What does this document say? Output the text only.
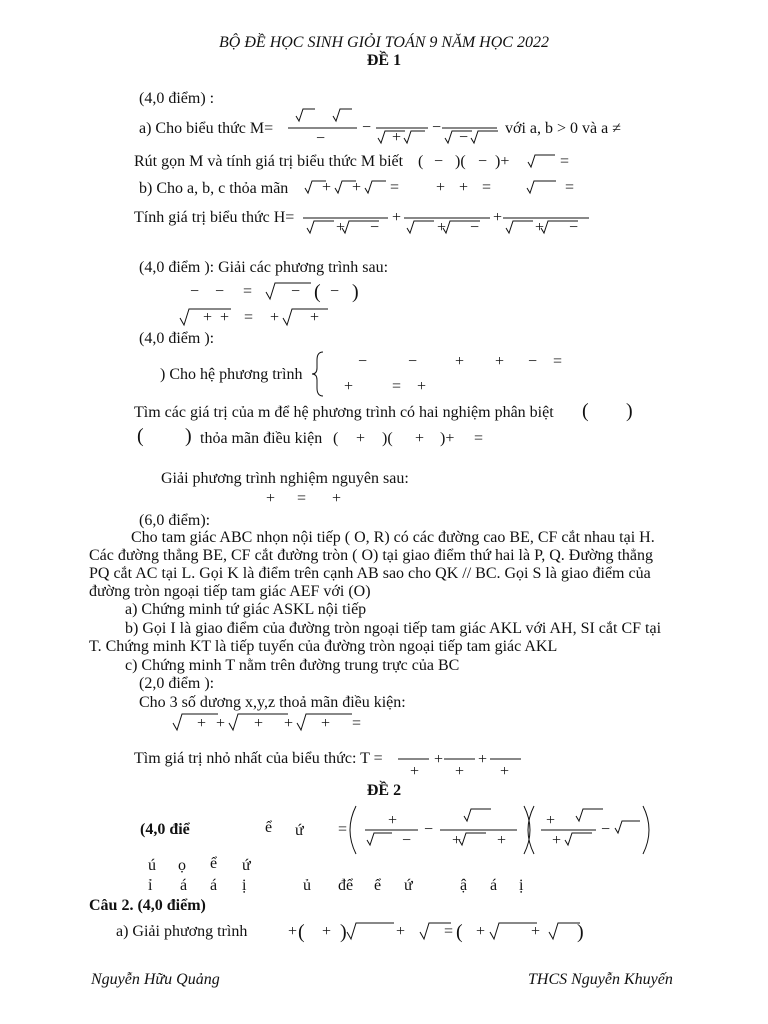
BỘ ĐỀ HỌC SINH GIỎI TOÁN 9 NĂM HỌC 2022
ĐỀ 1
(4,0 điểm) :
a) Cho biểu thức M=	với a, b > 0 và a ≠
Rút gọn M và tính giá trị biểu thức M biết
b) Cho a, b, c thỏa mãn
Tính giá trị biểu thức H=
(4,0 điểm ): Giải các phương trình sau:
(4,0 điểm ):
) Cho hệ phương trình
Tìm các giá trị của m để hệ phương trình có hai nghiệm phân biệt
thỏa mãn điều kiện
Giải phương trình nghiệm nguyên sau:
(6,0 điểm):
Cho tam giác ABC nhọn nội tiếp ( O, R) có các đường cao BE, CF cắt nhau tại H.
Các đường thẳng BE, CF cắt đường tròn ( O) tại giao điểm thứ hai là P, Q. Đường thẳng
PQ cắt AC tại L. Gọi K là điểm trên cạnh AB sao cho QK // BC. Gọi S là giao điểm của
đường tròn ngoại tiếp tam giác AEF với (O)
a) Chứng minh tứ giác ASKL nội tiếp
b) Gọi I là giao điểm của đường tròn ngoại tiếp tam giác AKL với AH, SI cắt CF tại
T. Chứng minh KT là tiếp tuyến của đường tròn ngoại tiếp tam giác AKL
c) Chứng minh T nằm trên đường trung trực của BC
(2,0 điểm ):
Cho 3 số dương x,y,z thoả mãn điều kiện:
Tìm giá trị nhỏ nhất của biểu thức: T =
ĐỀ 2
(4,0 điể	ể ứ
ú ọ ể ứ
ỉ á á ị	ủ để ể ứ	ậ á ị
Câu 2. (4,0 điểm)
a) Giải phương trình
Nguyễn Hữu Quảng	THCS Nguyễn Khuyến
−
−	−
+	−
( − )( − )+	=
+ + = + + =	=
+	+
+ −	+ −	+ −
− − = − ( − )
+ + = + +
−	− + + − =
+ = +
( )
( )	( + )( + )+ =
+ = +
+ + + + + =
+
+
+
+
+
=
+
−
−
+ +
+
+
−
+ ( + )	+ = ( +	+ )
